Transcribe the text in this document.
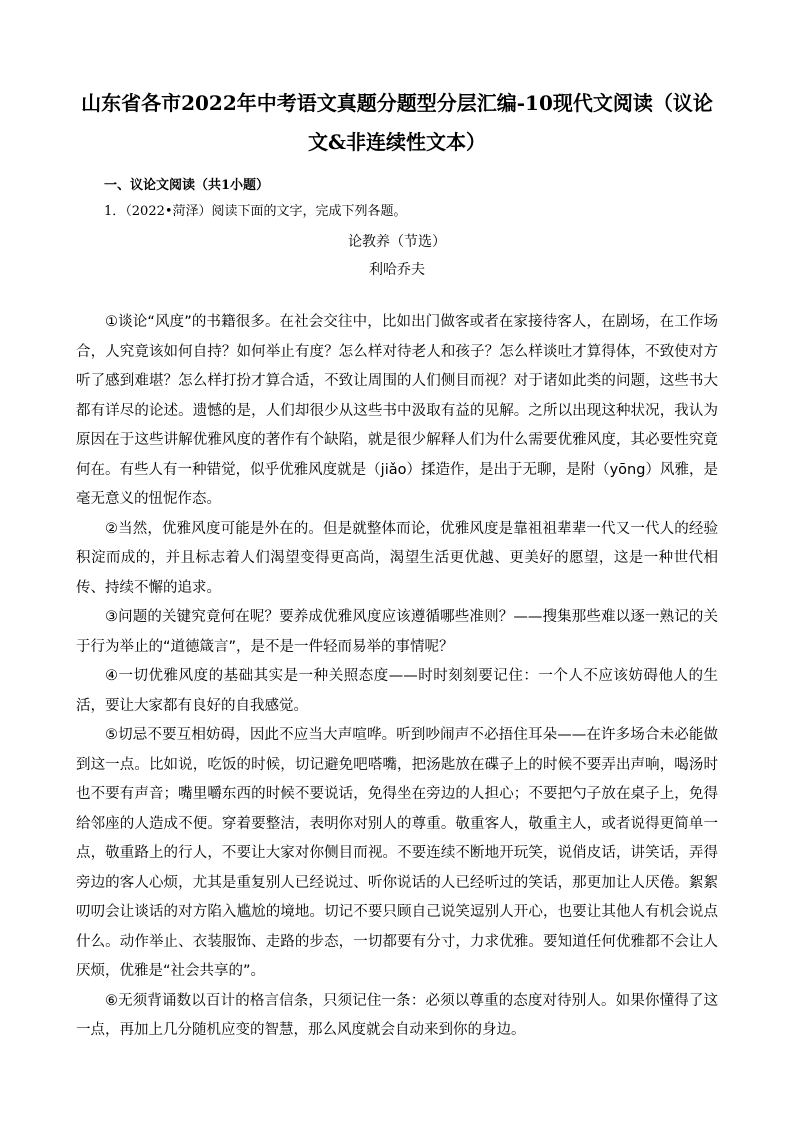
山东省各市2022年中考语文真题分题型分层汇编-10现代文阅读（议论文&非连续性文本）
一、议论文阅读（共1小题）
1．（2022•菏泽）阅读下面的文字，完成下列各题。
论教养（节选）
利哈乔夫

①谈论“风度”的书籍很多。在社会交往中，比如出门做客或者在家接待客人，在剧场，在工作场合，人究竟该如何自持？如何举止有度？怎么样对待老人和孩子？怎么样谈吐才算得体，不致使对方听了感到难堪？怎么样打扮才算合适，不致让周围的人们侧目而视？对于诸如此类的问题，这些书大都有详尽的论述。遗憾的是，人们却很少从这些书中汲取有益的见解。之所以出现这种状况，我认为原因在于这些讲解优雅风度的著作有个缺陷，就是很少解释人们为什么需要优雅风度，其必要性究竟何在。有些人有一种错觉，似乎优雅风度就是（jiǎo）揉造作，是出于无聊，是附（yōng）风雅，是毫无意义的忸怩作态。

②当然，优雅风度可能是外在的。但是就整体而论，优雅风度是靠祖祖辈辈一代又一代人的经验积淀而成的，并且标志着人们渴望变得更高尚，渴望生活更优越、更美好的愿望，这是一种世代相传、持续不懈的追求。

③问题的关键究竟何在呢？要养成优雅风度应该遵循哪些准则？——搜集那些难以逐一熟记的关于行为举止的“道德箴言”，是不是一件轻而易举的事情呢？

④一切优雅风度的基础其实是一种关照态度——时时刻刻要记住：一个人不应该妨碍他人的生活，要让大家都有良好的自我感觉。

⑤切忌不要互相妨碍，因此不应当大声喧哗。听到吵闹声不必捂住耳朵——在许多场合未必能做到这一点。比如说，吃饭的时候，切记避免吧嗒嘴，把汤匙放在碟子上的时候不要弄出声响，喝汤时也不要有声音；嘴里嚼东西的时候不要说话，免得坐在旁边的人担心；不要把勺子放在桌子上，免得给邻座的人造成不便。穿着要整洁，表明你对别人的尊重。敬重客人，敬重主人，或者说得更简单一点，敬重路上的行人，不要让大家对你侧目而视。不要连续不断地开玩笑，说俏皮话，讲笑话，弄得旁边的客人心烦，尤其是重复别人已经说过、听你说话的人已经听过的笑话，那更加让人厌倦。絮絮叨叨会让谈话的对方陷入尴尬的境地。切记不要只顾自己说笑逗别人开心，也要让其他人有机会说点什么。动作举止、衣装服饰、走路的步态，一切都要有分寸，力求优雅。要知道任何优雅都不会让人厌烦，优雅是“社会共享的”。

⑥无须背诵数以百计的格言信条，只须记住一条：必须以尊重的态度对待别人。如果你懂得了这一点，再加上几分随机应变的智慧，那么风度就会自动来到你的身边。
